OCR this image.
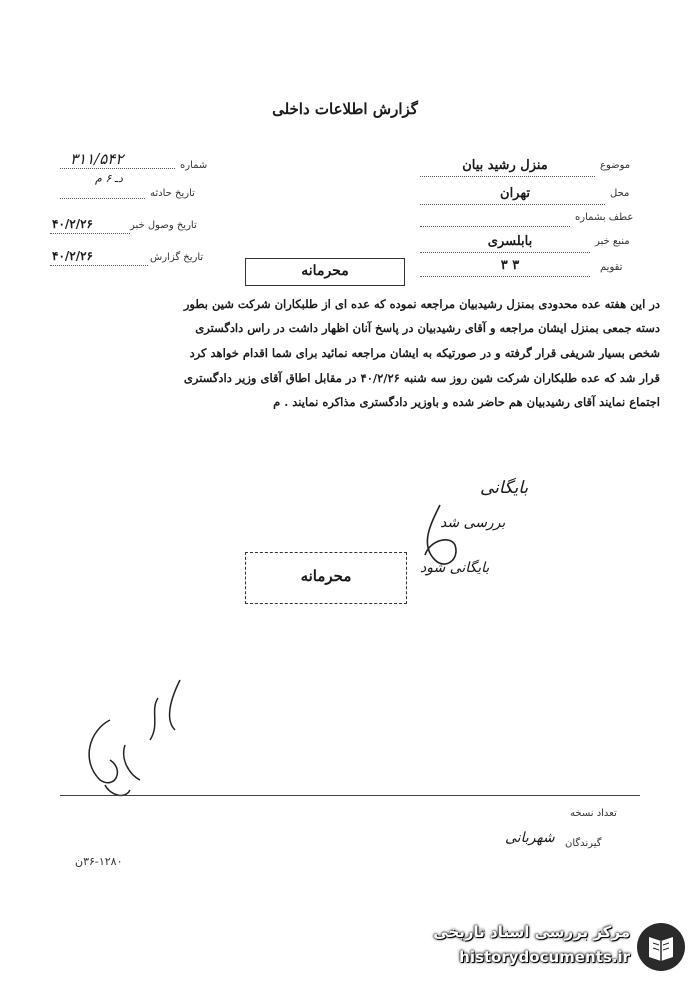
گزارش اطلاعات داخلی
موضوع
منزل رشید بیان
محل
تهران
عطف بشماره
منبع خبر
بابلسری
تقویم
۳ ۳
شماره
۳۱۱/۵۴۲
دـ ۶ م
تاریخ حادثه
تاریخ وصول خبر
۴۰/۲/۲۶
تاریخ گزارش
۴۰/۲/۲۶
محرمانه
در این هفته عده محدودی بمنزل رشیدبیان مراجعه نموده که عده ای از طلبکاران شرکت شین بطور
دسته جمعی بمنزل ایشان مراجعه و آقای رشیدبیان در پاسخ آنان اظهار داشت در راس دادگستری
شخص بسیار شریفی قرار گرفته و در صورتیکه به ایشان مراجعه نمائید برای شما اقدام خواهد کرد
قرار شد که عده طلبکاران شرکت شین روز سه شنبه ۴۰/۲/۲۶ در مقابل اطاق آقای وزیر دادگستری
اجتماع نمایند آقای رشیدبیان هم حاضر شده و باوزیر دادگستری مذاکره نمایند . م
بایگانی
بررسی شد
بایگانی شود
محرمانه
تعداد نسخه
گیرندگان
شهربانی
۳۶-۱۲۸۰ن
مرکز بررسی اسناد تاریخی
historydocuments.ir
